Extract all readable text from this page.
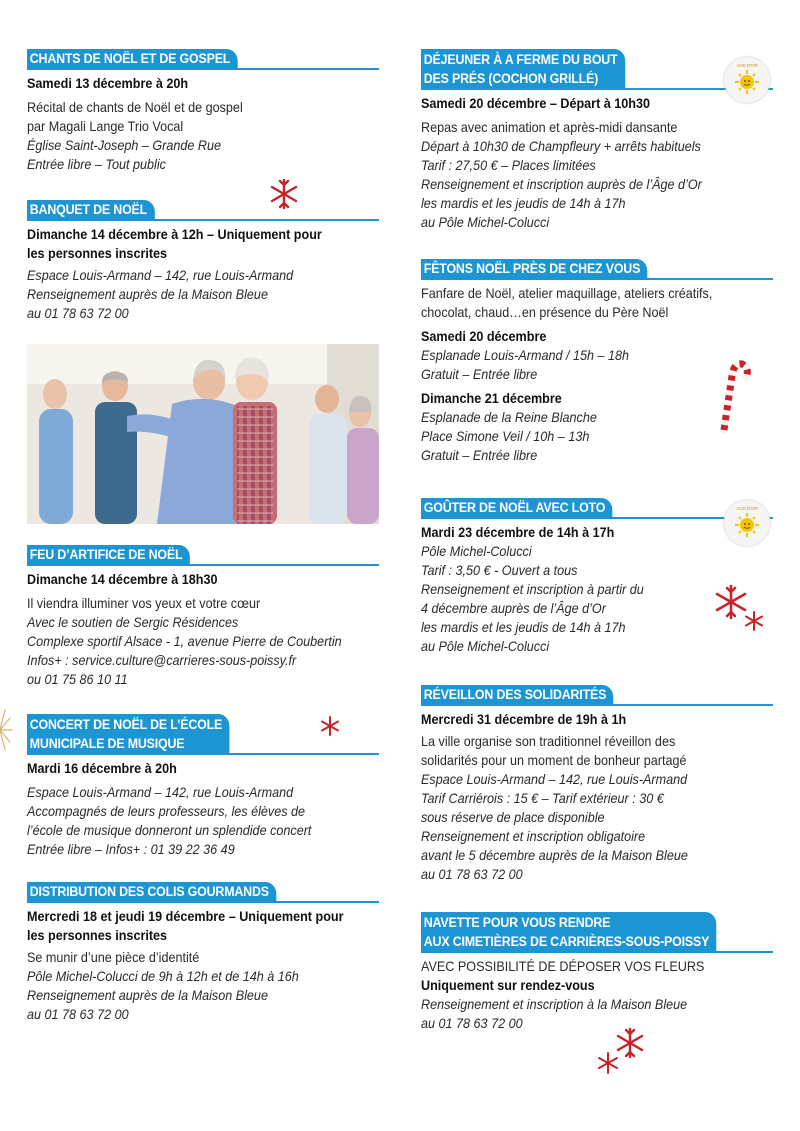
CHANTS DE NOËL ET DE GOSPEL
Samedi 13 décembre à 20h
Récital de chants de Noël et de gospel
par Magali Lange Trio Vocal
Église Saint-Joseph – Grande Rue
Entrée libre – Tout public
BANQUET DE NOËL
Dimanche 14 décembre à 12h – Uniquement pour
les personnes inscrites
Espace Louis-Armand – 142, rue Louis-Armand
Renseignement auprès de la Maison Bleue
au 01 78 63 72 00
FEU D’ARTIFICE DE NOËL
Dimanche 14 décembre à 18h30
Il viendra illuminer vos yeux et votre cœur
Avec le soutien de Sergic Résidences
Complexe sportif Alsace - 1, avenue Pierre de Coubertin
Infos+ : service.culture@carrieres-sous-poissy.fr
ou 01 75 86 10 11
CONCERT DE NOËL DE L’ÉCOLE
MUNICIPALE DE MUSIQUE
Mardi 16 décembre à 20h
Espace Louis-Armand – 142, rue Louis-Armand
Accompagnés de leurs professeurs, les élèves de
l’école de musique donneront un splendide concert
Entrée libre – Infos+ : 01 39 22 36 49
DISTRIBUTION DES COLIS GOURMANDS
Mercredi 18 et jeudi 19 décembre – Uniquement pour
les personnes inscrites
Se munir d’une pièce d’identité
Pôle Michel-Colucci de 9h à 12h et de 14h à 16h
Renseignement auprès de la Maison Bleue
au 01 78 63 72 00
DÉJEUNER À A FERME DU BOUT
DES PRÉS (COCHON GRILLÉ)
Samedi 20 décembre – Départ à 10h30
Repas avec animation et après-midi dansante
Départ à 10h30 de Champfleury + arrêts habituels
Tarif : 27,50 € – Places limitées
Renseignement et inscription auprès de l’Âge d’Or
les mardis et les jeudis de 14h à 17h
au Pôle Michel-Colucci
FÊTONS NOËL PRÈS DE CHEZ VOUS
Fanfare de Noël, atelier maquillage, ateliers créatifs,
chocolat, chaud…en présence du Père Noël
Samedi 20 décembre
Esplanade Louis-Armand / 15h – 18h
Gratuit – Entrée libre
Dimanche 21 décembre
Esplanade de la Reine Blanche
Place Simone Veil / 10h – 13h
Gratuit – Entrée libre
GOÛTER DE NOËL AVEC LOTO
Mardi 23 décembre de 14h à 17h
Pôle Michel-Colucci
Tarif : 3,50 € - Ouvert a tous
Renseignement et inscription à partir du
4 décembre auprès de l’Âge d’Or
les mardis et les jeudis de 14h à 17h
au Pôle Michel-Colucci
RÉVEILLON DES SOLIDARITÉS
Mercredi 31 décembre de 19h à 1h
La ville organise son traditionnel réveillon des
solidarités pour un moment de bonheur partagé
Espace Louis-Armand – 142, rue Louis-Armand
Tarif Carriérois : 15 € – Tarif extérieur : 30 €
sous réserve de place disponible
Renseignement et inscription obligatoire
avant le 5 décembre auprès de la Maison Bleue
au 01 78 63 72 00
NAVETTE POUR VOUS RENDRE
AUX CIMETIÈRES DE CARRIÈRES-SOUS-POISSY
AVEC POSSIBILITÉ DE DÉPOSER VOS FLEURS
Uniquement sur rendez-vous
Renseignement et inscription à la Maison Bleue
au 01 78 63 72 00
AGE D'OR
AGE D'OR
